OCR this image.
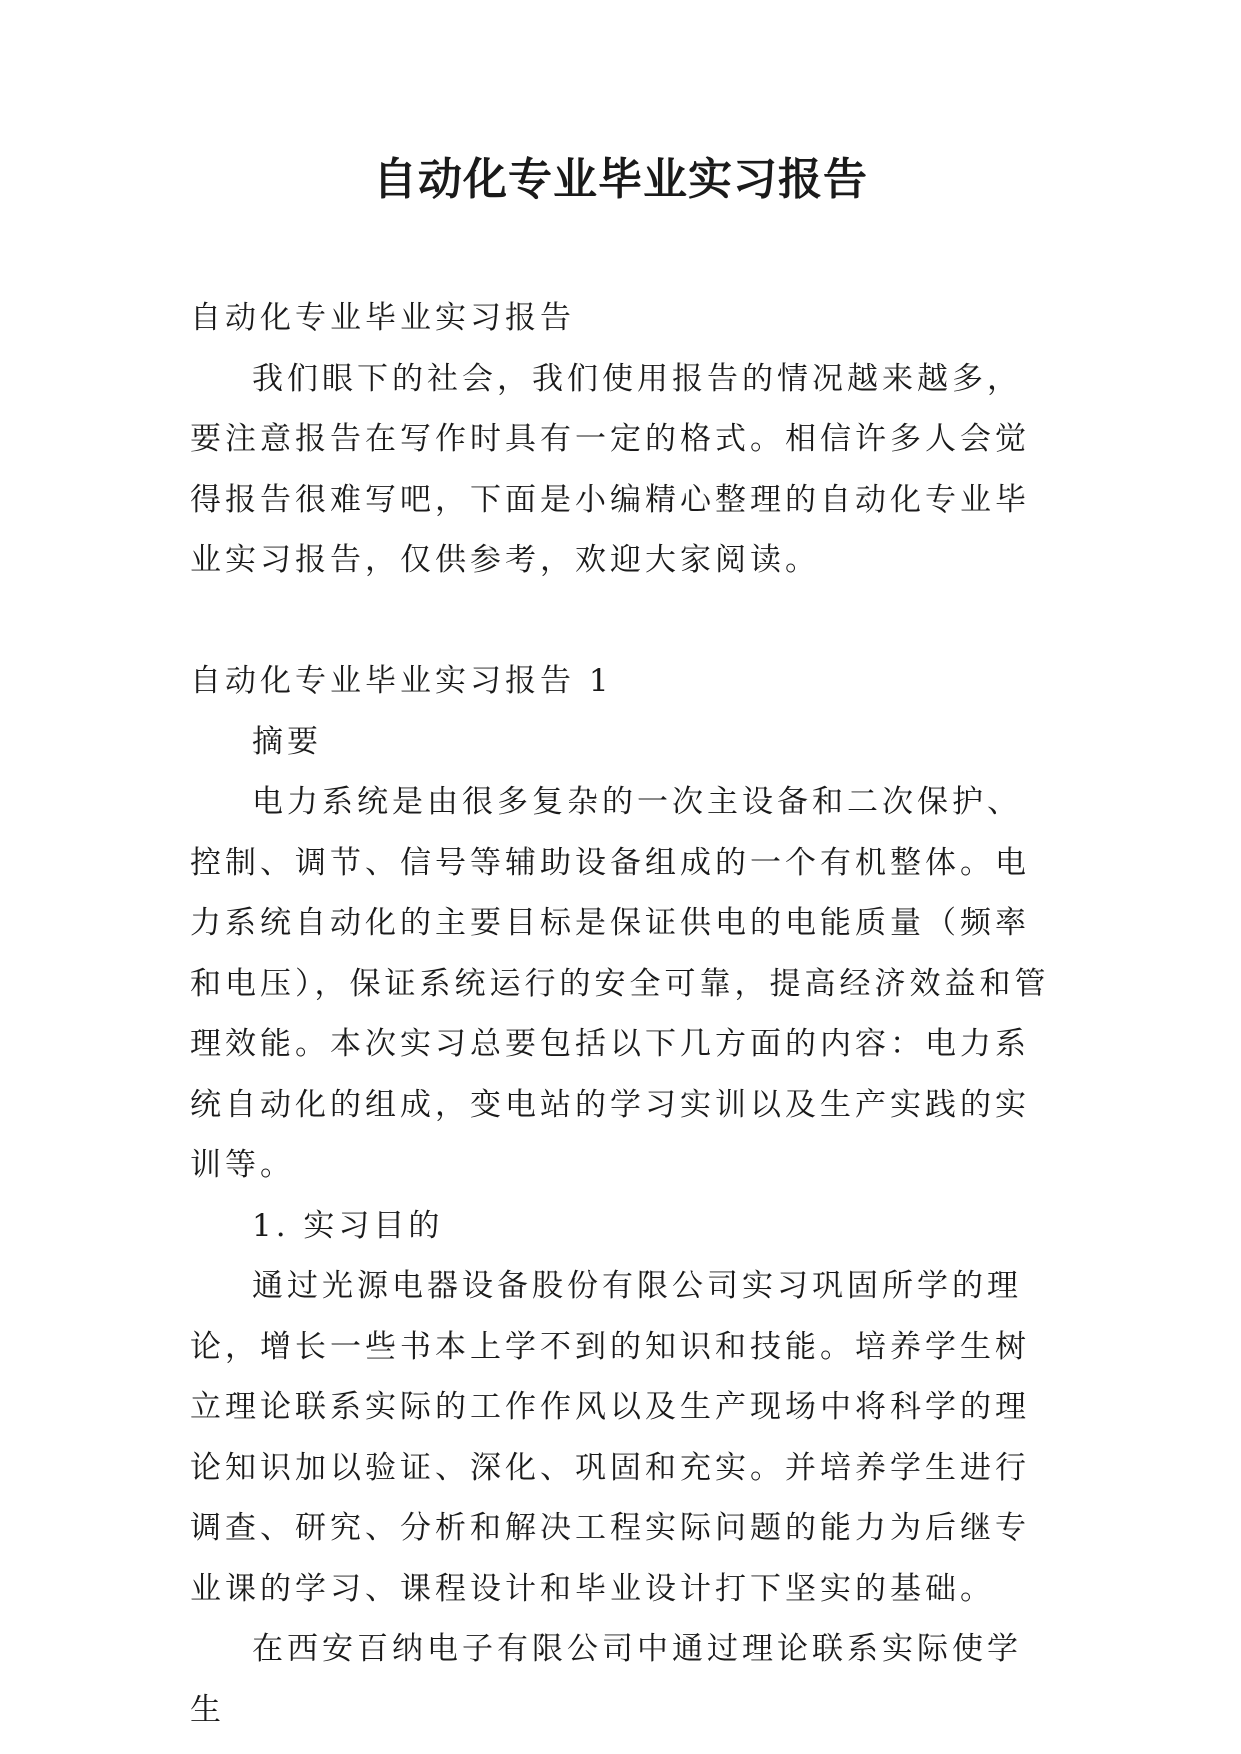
自动化专业毕业实习报告

自动化专业毕业实习报告

我们眼下的社会，我们使用报告的情况越来越多，要注意报告在写作时具有一定的格式。相信许多人会觉得报告很难写吧，下面是小编精心整理的自动化专业毕业实习报告，仅供参考，欢迎大家阅读。

自动化专业毕业实习报告 1

摘要

电力系统是由很多复杂的一次主设备和二次保护、控制、调节、信号等辅助设备组成的一个有机整体。电力系统自动化的主要目标是保证供电的电能质量（频率和电压），保证系统运行的安全可靠，提高经济效益和管理效能。本次实习总要包括以下几方面的内容：电力系统自动化的组成，变电站的学习实训以及生产实践的实训等。

1. 实习目的

通过光源电器设备股份有限公司实习巩固所学的理论，增长一些书本上学不到的知识和技能。培养学生树立理论联系实际的工作作风以及生产现场中将科学的理论知识加以验证、深化、巩固和充实。并培养学生进行调查、研究、分析和解决工程实际问题的能力为后继专业课的学习、课程设计和毕业设计打下坚实的基础。

在西安百纳电子有限公司中通过理论联系实际使学生
